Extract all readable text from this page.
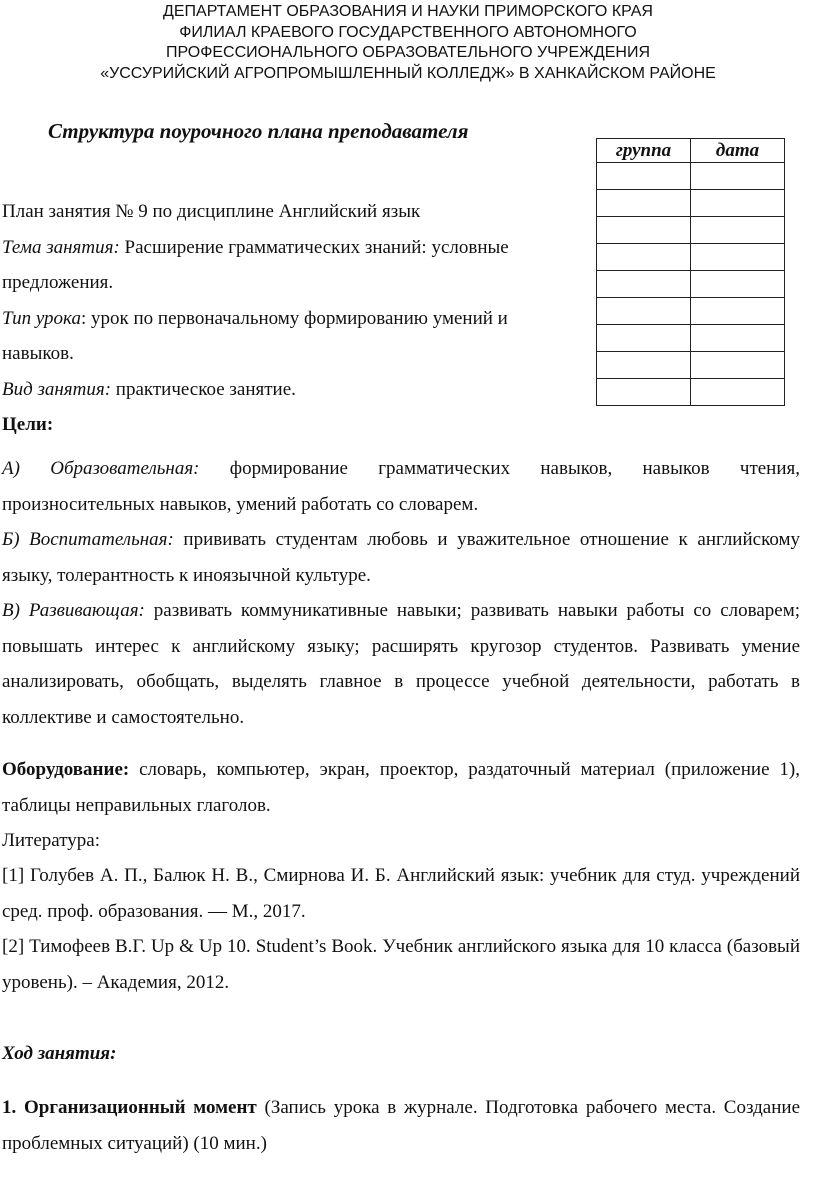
ДЕПАРТАМЕНТ ОБРАЗОВАНИЯ И НАУКИ ПРИМОРСКОГО КРАЯ
ФИЛИАЛ КРАЕВОГО ГОСУДАРСТВЕННОГО АВТОНОМНОГО
ПРОФЕССИОНАЛЬНОГО ОБРАЗОВАТЕЛЬНОГО УЧРЕЖДЕНИЯ
«УССУРИЙСКИЙ АГРОПРОМЫШЛЕННЫЙ КОЛЛЕДЖ» В ХАНКАЙСКОМ РАЙОНЕ
Структура поурочного плана преподавателя
группа	дата

План занятия № 9 по дисциплине Английский язык
Тема занятия: Расширение грамматических знаний: условные
предложения.
Тип урока: урок по первоначальному формированию умений и
навыков.
Вид занятия: практическое занятие.
Цели:
А) Образовательная: формирование грамматических навыков, навыков чтения, произносительных навыков, умений работать со словарем.
Б) Воспитательная: прививать студентам любовь и уважительное отношение к английскому языку, толерантность к иноязычной культуре.
В) Развивающая: развивать коммуникативные навыки; развивать навыки работы со словарем; повышать интерес к английскому языку; расширять кругозор студентов. Развивать умение анализировать, обобщать, выделять главное в процессе учебной деятельности, работать в коллективе и самостоятельно.
Оборудование: словарь, компьютер, экран, проектор, раздаточный материал (приложение 1), таблицы неправильных глаголов.
Литература:
[1] Голубев А. П., Балюк Н. В., Смирнова И. Б. Английский язык: учебник для студ. учреждений сред. проф. образования. — М., 2017.
[2] Тимофеев В.Г. Up & Up 10. Student’s Book. Учебник английского языка для 10 класса (базовый уровень). – Академия, 2012.
Ход занятия:
1. Организационный момент (Запись урока в журнале. Подготовка рабочего места. Создание проблемных ситуаций) (10 мин.)
